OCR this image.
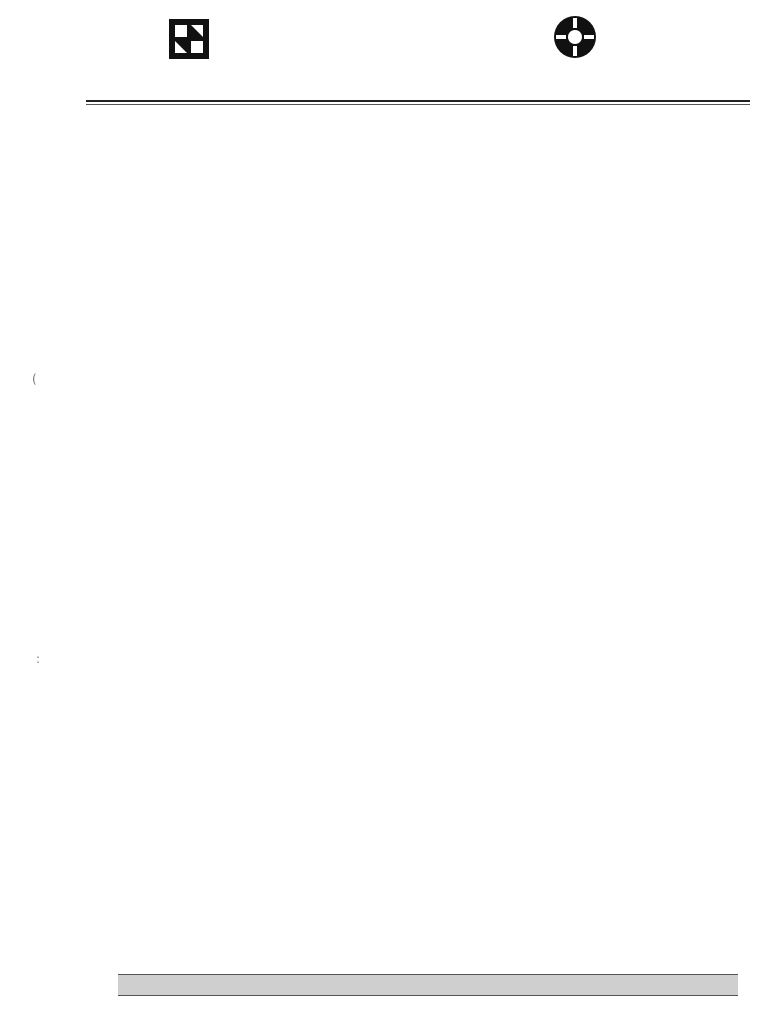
(
:
